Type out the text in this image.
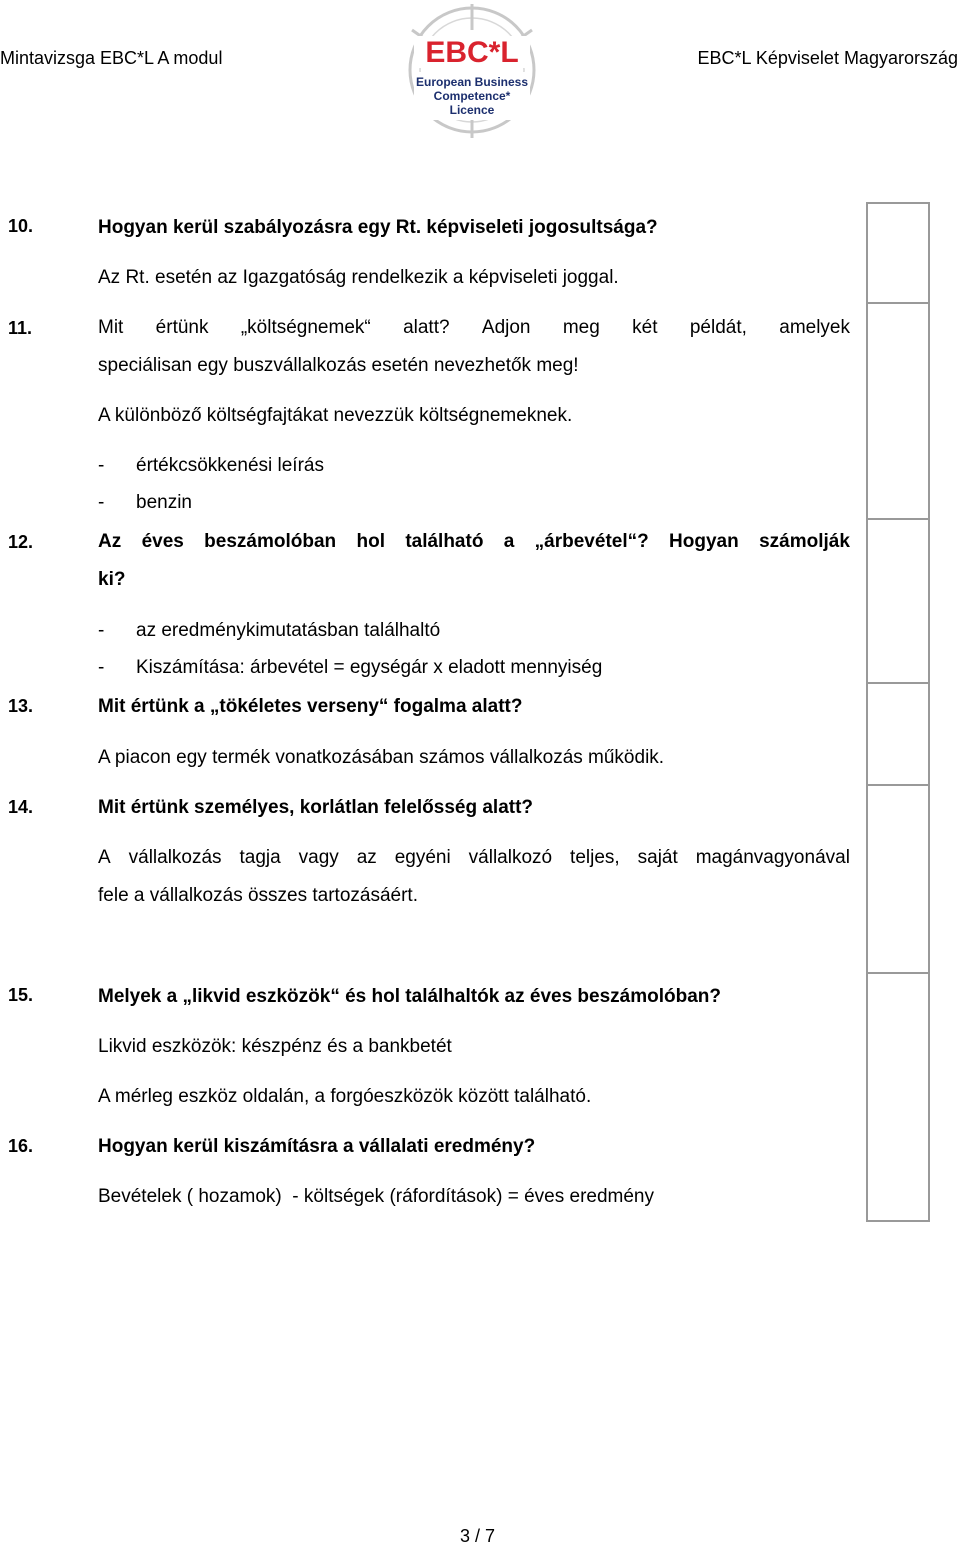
Mintavizsga EBC*L A modul	EBC*L Képviselet Magyarország
EBC*L
European Business
Competence*
Licence
10.	Hogyan kerül szabályozásra egy Rt. képviseleti jogosultsága?
Az Rt. esetén az Igazgatóság rendelkezik a képviseleti joggal.
11.	Mit értünk „költségnemek“ alatt? Adjon meg két példát, amelyek
speciálisan egy buszvállalkozás esetén nevezhetők meg!
A különböző költségfajtákat nevezzük költségnemeknek.
- értékcsökkenési leírás
- benzin
12.	Az éves beszámolóban hol található a „árbevétel“? Hogyan számolják
ki?
- az eredménykimutatásban találhaltó
- Kiszámítása: árbevétel = egységár x eladott mennyiség
13.	Mit értünk a „tökéletes verseny“ fogalma alatt?
A piacon egy termék vonatkozásában számos vállalkozás működik.
14.	Mit értünk személyes, korlátlan felelősség alatt?
A vállalkozás tagja vagy az egyéni vállalkozó teljes, saját magánvagyonával
fele a vállalkozás összes tartozásáért.
15.	Melyek a „likvid eszközök“ és hol találhaltók az éves beszámolóban?
Likvid eszközök: készpénz és a bankbetét
A mérleg eszköz oldalán, a forgóeszközök között található.
16.	Hogyan kerül kiszámításra a vállalati eredmény?
Bevételek ( hozamok)  - költségek (ráfordítások) = éves eredmény
3 / 7
